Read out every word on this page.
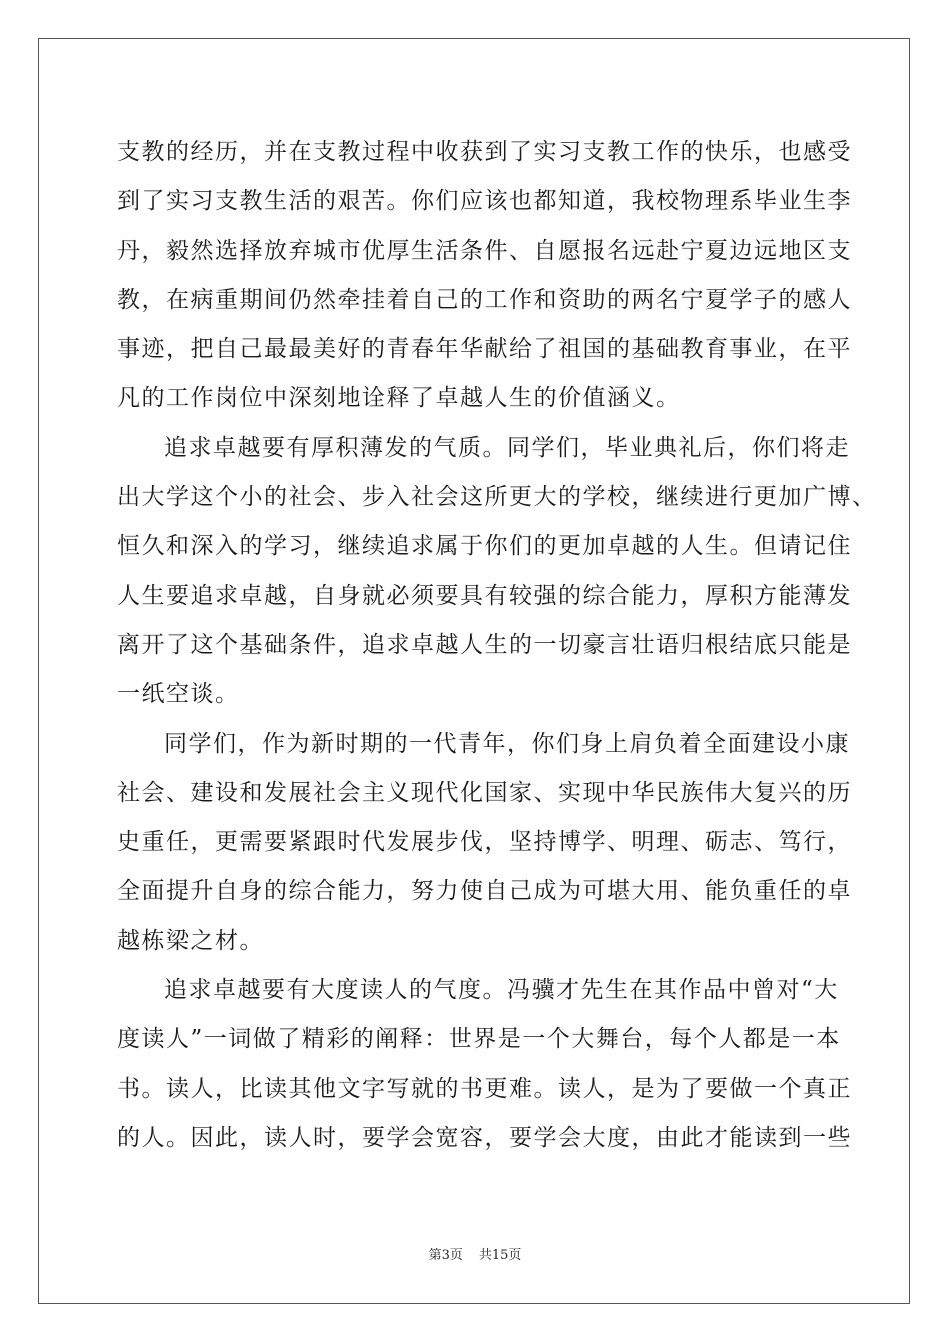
支教的经历，并在支教过程中收获到了实习支教工作的快乐，也感受
到了实习支教生活的艰苦。你们应该也都知道，我校物理系毕业生李
丹，毅然选择放弃城市优厚生活条件、自愿报名远赴宁夏边远地区支
教，在病重期间仍然牵挂着自己的工作和资助的两名宁夏学子的感人
事迹，把自己最最美好的青春年华献给了祖国的基础教育事业，在平
凡的工作岗位中深刻地诠释了卓越人生的价值涵义。
追求卓越要有厚积薄发的气质。同学们，毕业典礼后，你们将走
出大学这个小的社会、步入社会这所更大的学校，继续进行更加广博、
恒久和深入的学习，继续追求属于你们的更加卓越的人生。但请记住
人生要追求卓越，自身就必须要具有较强的综合能力，厚积方能薄发
离开了这个基础条件，追求卓越人生的一切豪言壮语归根结底只能是
一纸空谈。
同学们，作为新时期的一代青年，你们身上肩负着全面建设小康
社会、建设和发展社会主义现代化国家、实现中华民族伟大复兴的历
史重任，更需要紧跟时代发展步伐，坚持博学、明理、砺志、笃行，
全面提升自身的综合能力，努力使自己成为可堪大用、能负重任的卓
越栋梁之材。
追求卓越要有大度读人的气度。冯骥才先生在其作品中曾对“大
度读人”一词做了精彩的阐释：世界是一个大舞台，每个人都是一本
书。读人，比读其他文字写就的书更难。读人，是为了要做一个真正
的人。因此，读人时，要学会宽容，要学会大度，由此才能读到一些
第3页 共15页
